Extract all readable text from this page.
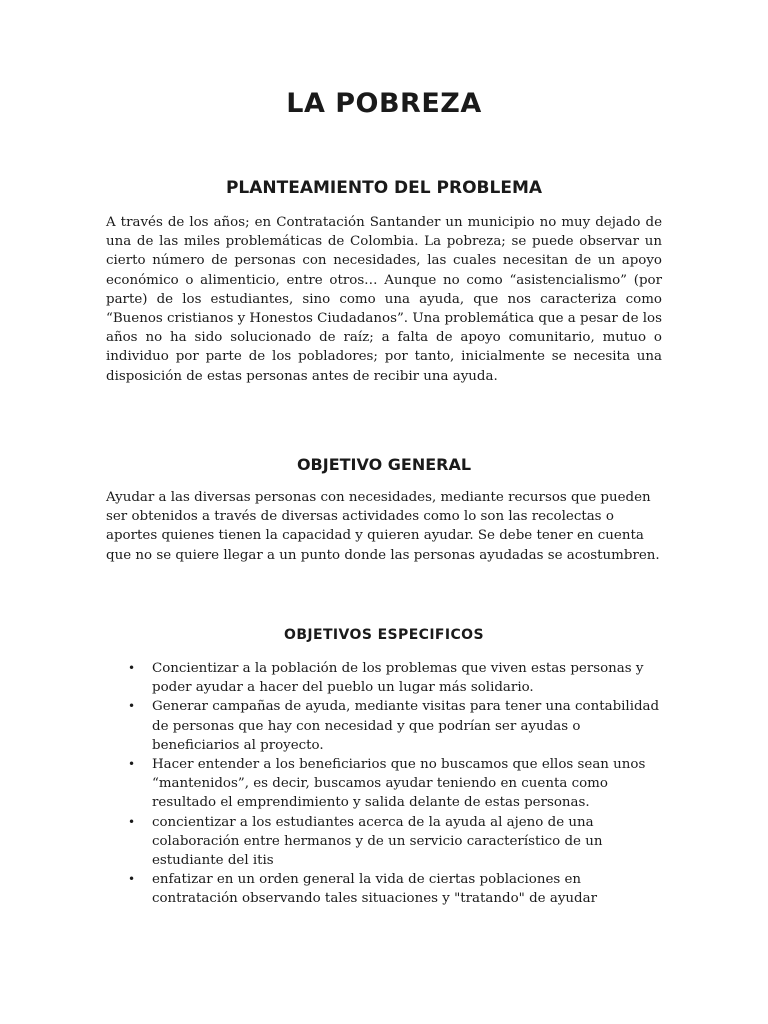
LA POBREZA
PLANTEAMIENTO DEL PROBLEMA

A través de los años; en Contratación Santander un municipio no muy dejado de una de las miles problemáticas de Colombia. La pobreza; se puede observar un cierto número de personas con necesidades, las cuales necesitan de un apoyo económico o alimenticio, entre otros… Aunque no como “asistencialismo” (por parte) de los estudiantes, sino como una ayuda, que nos caracteriza como “Buenos cristianos y Honestos Ciudadanos”. Una problemática que a pesar de los años no ha sido solucionado de raíz; a falta de apoyo comunitario, mutuo o individuo por parte de los pobladores; por tanto, inicialmente se necesita una disposición de estas personas antes de recibir una ayuda.

OBJETIVO GENERAL

Ayudar a las diversas personas con necesidades, mediante recursos que pueden ser obtenidos a través de diversas actividades como lo son las recolectas o aportes quienes tienen la capacidad y quieren ayudar. Se debe tener en cuenta que no se quiere llegar a un punto donde las personas ayudadas se acostumbren.

OBJETIVOS ESPECIFICOS
• Concientizar a la población de los problemas que viven estas personas y poder ayudar a hacer del pueblo un lugar más solidario.
• Generar campañas de ayuda, mediante visitas para tener una contabilidad de personas que hay con necesidad y que podrían ser ayudas o beneficiarios al proyecto.
• Hacer entender a los beneficiarios que no buscamos que ellos sean unos “mantenidos”, es decir, buscamos ayudar teniendo en cuenta como resultado el emprendimiento y salida delante de estas personas.
• concientizar a los estudiantes acerca de la ayuda al ajeno de una colaboración entre hermanos y de un servicio característico de un estudiante del itis
• enfatizar en un orden general la vida de ciertas poblaciones en contratación observando tales situaciones y "tratando" de ayudar
